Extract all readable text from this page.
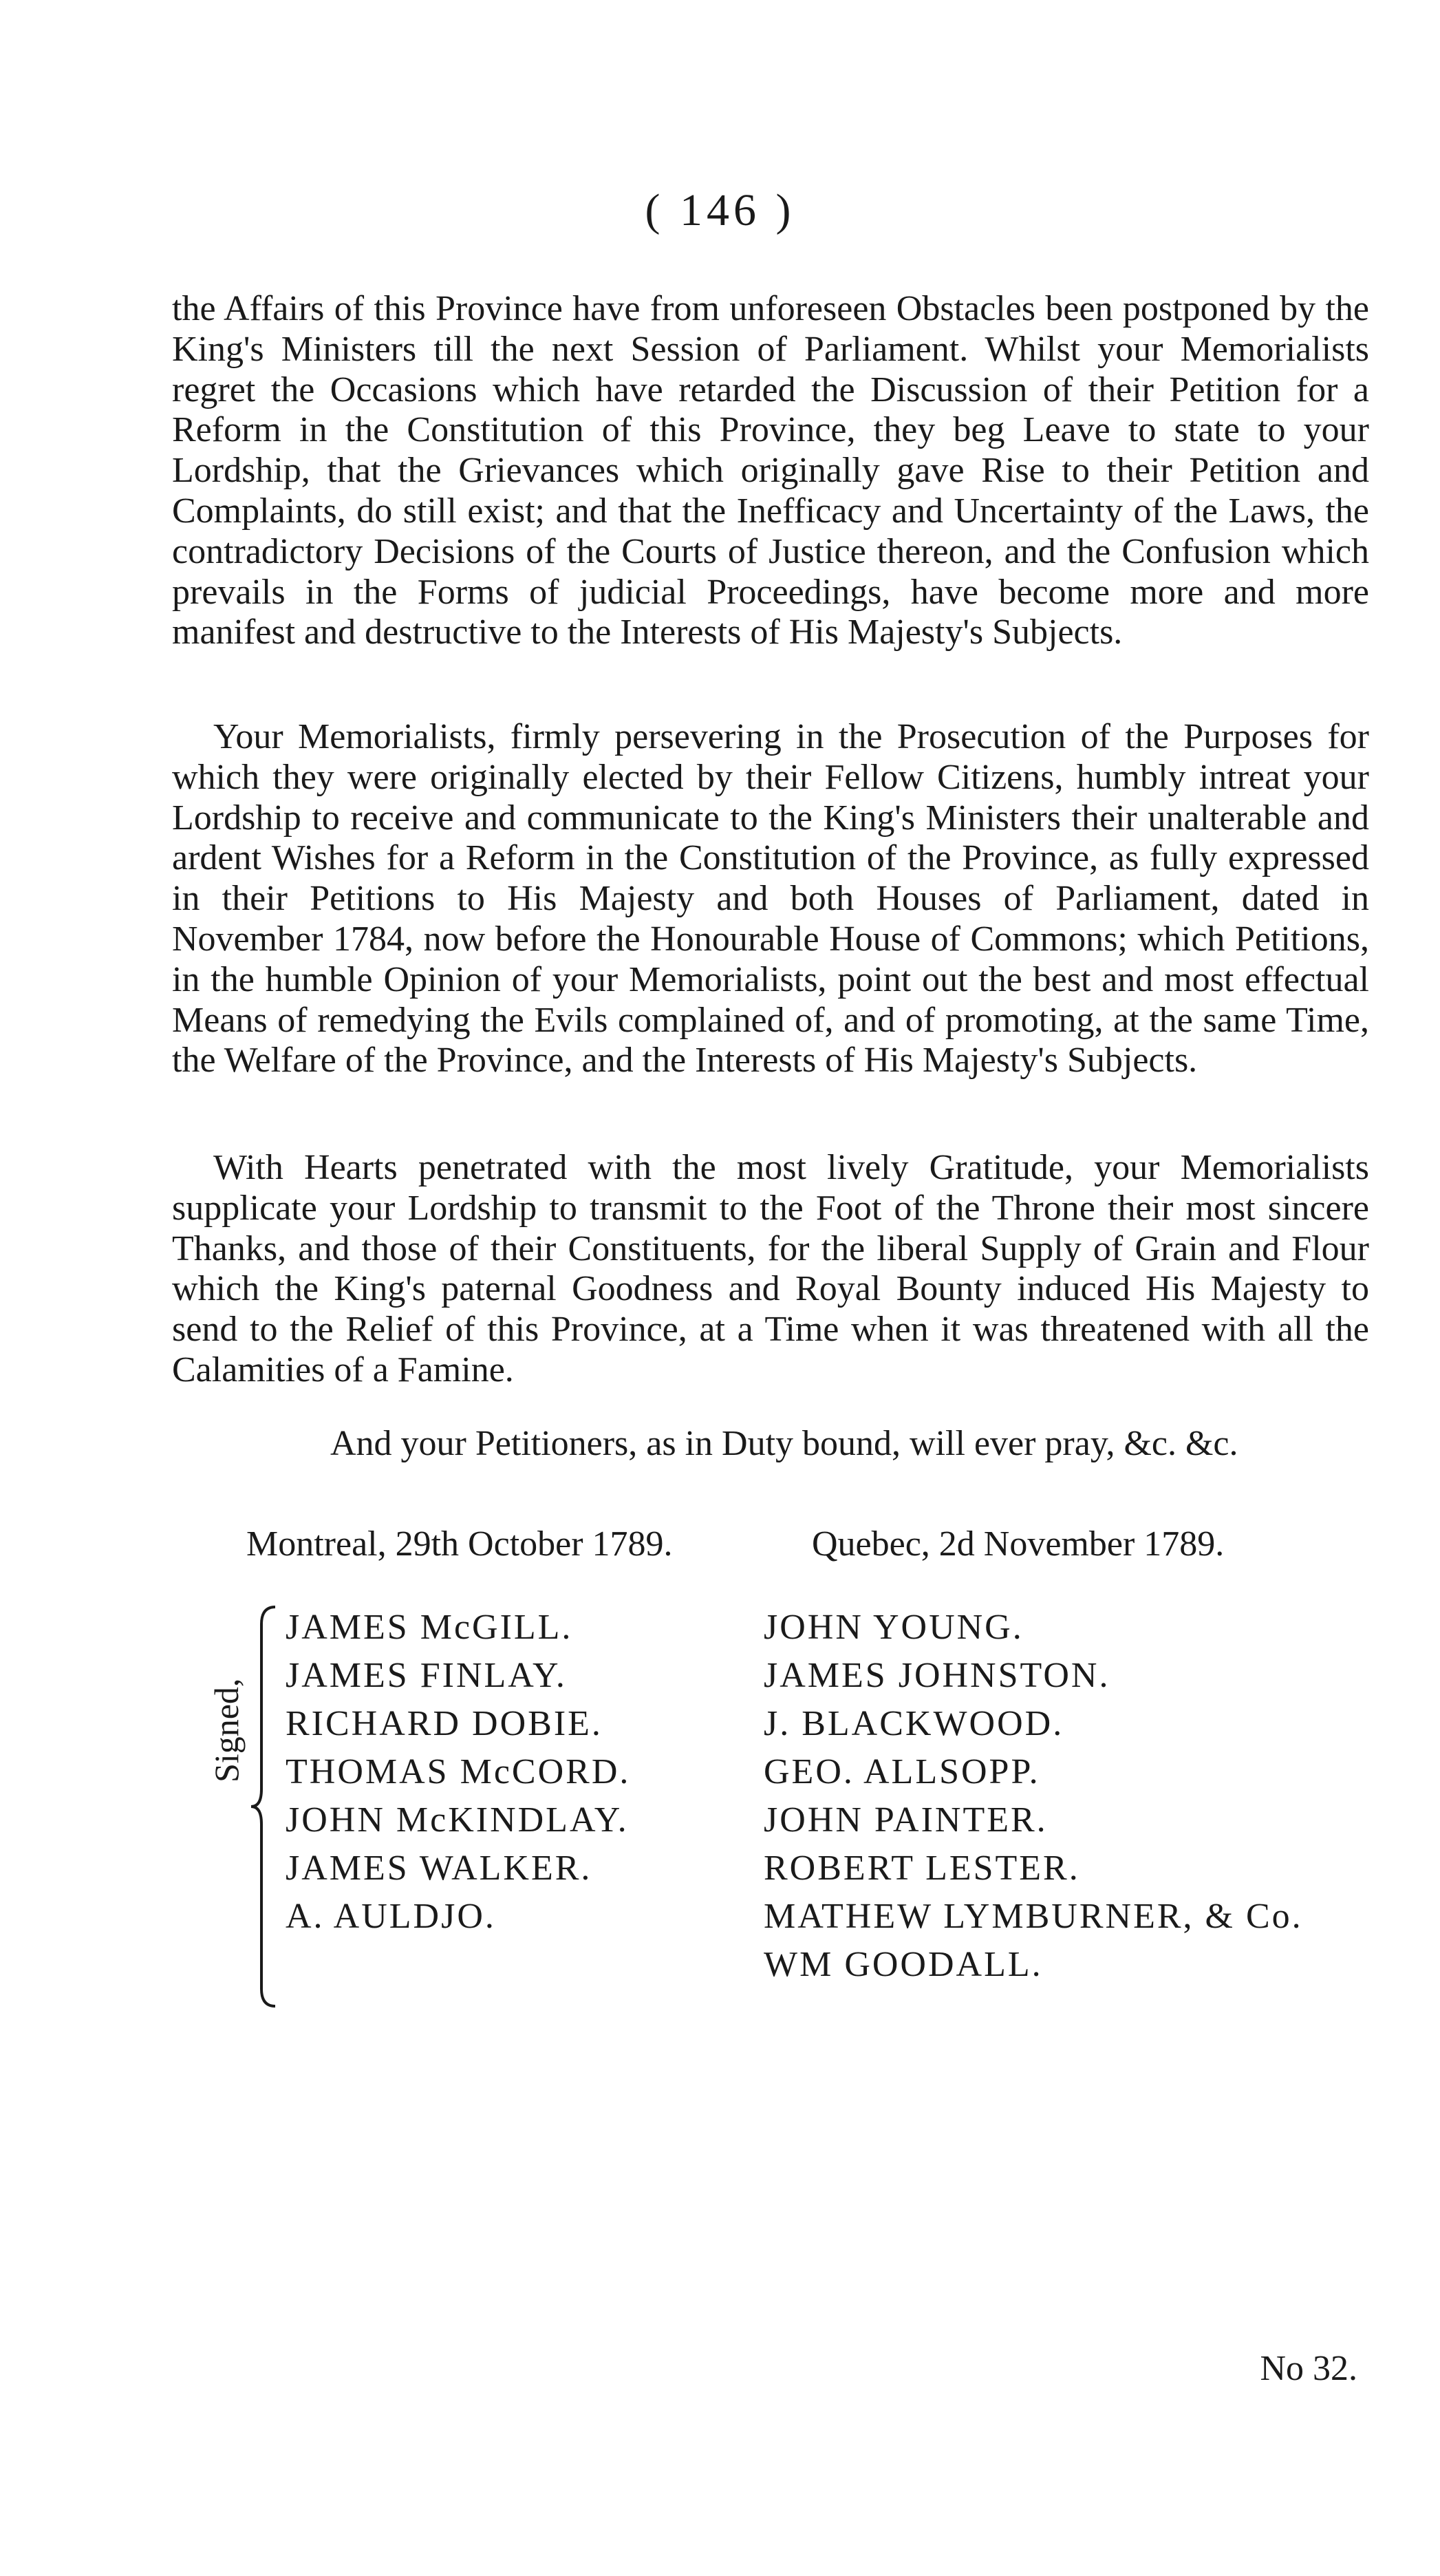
( 146 )

the Affairs of this Province have from unforeseen Obstacles been postponed by the King's Ministers till the next Session of Parliament. Whilst your Memorialists regret the Occasions which have retarded the Discussion of their Petition for a Reform in the Constitution of this Province, they beg Leave to state to your Lordship, that the Grievances which originally gave Rise to their Petition and Complaints, do still exist; and that the Inefficacy and Uncertainty of the Laws, the contradictory Decisions of the Courts of Justice thereon, and the Confusion which prevails in the Forms of judicial Proceedings, have become more and more manifest and destructive to the Interests of His Majesty's Subjects.

Your Memorialists, firmly persevering in the Prosecution of the Purposes for which they were originally elected by their Fellow Citizens, humbly intreat your Lordship to receive and communicate to the King's Ministers their unalterable and ardent Wishes for a Reform in the Constitution of the Province, as fully expressed in their Petitions to His Majesty and both Houses of Parliament, dated in November 1784, now before the Honourable House of Commons; which Petitions, in the humble Opinion of your Memorialists, point out the best and most effectual Means of remedying the Evils complained of, and of promoting, at the same Time, the Welfare of the Province, and the Interests of His Majesty's Subjects.

With Hearts penetrated with the most lively Gratitude, your Memorialists supplicate your Lordship to transmit to the Foot of the Throne their most sincere Thanks, and those of their Constituents, for the liberal Supply of Grain and Flour which the King's paternal Goodness and Royal Bounty induced His Majesty to send to the Relief of this Province, at a Time when it was threatened with all the Calamities of a Famine.

And your Petitioners, as in Duty bound, will ever pray, &c. &c.
Montreal, 29th October 1789.	Quebec, 2d November 1789.
Signed,
JAMES McGILL.
JAMES FINLAY.
RICHARD DOBIE.
THOMAS McCORD.
JOHN McKINDLAY.
JAMES WALKER.
A. AULDJO.
JOHN YOUNG.
JAMES JOHNSTON.
J. BLACKWOOD.
GEO. ALLSOPP.
JOHN PAINTER.
ROBERT LESTER.
MATHEW LYMBURNER, & Co.
WM GOODALL.
No 32.
